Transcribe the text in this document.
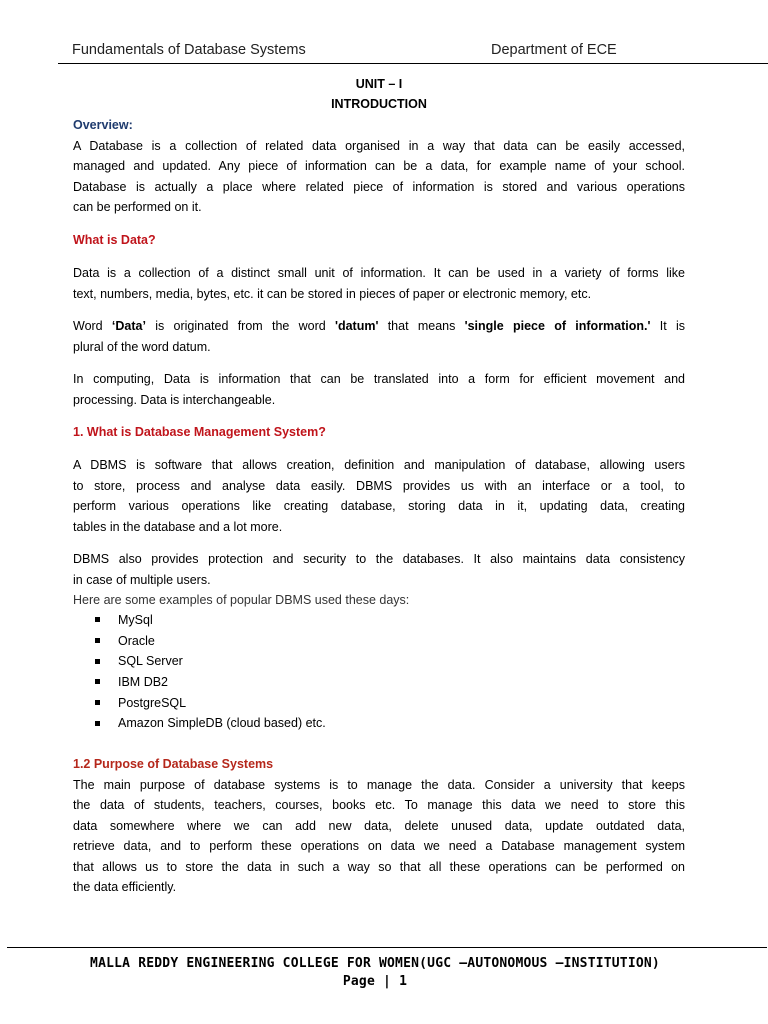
Fundamentals of Database Systems	Department of ECE
UNIT – I
INTRODUCTION
Overview:
A Database is a collection of related data organised in a way that data can be easily accessed,
managed and updated. Any piece of information can be a data, for example name of your school.
Database is actually a place where related piece of information is stored and various operations
can be performed on it.
What is Data?
Data is a collection of a distinct small unit of information. It can be used in a variety of forms like
text, numbers, media, bytes, etc. it can be stored in pieces of paper or electronic memory, etc.
Word ‘Data’ is originated from the word 'datum' that means 'single piece of information.' It is
plural of the word datum.
In computing, Data is information that can be translated into a form for efficient movement and
processing. Data is interchangeable.
1. What is Database Management System?
A DBMS is software that allows creation, definition and manipulation of database, allowing users
to store, process and analyse data easily. DBMS provides us with an interface or a tool, to
perform various operations like creating database, storing data in it, updating data, creating
tables in the database and a lot more.
DBMS also provides protection and security to the databases. It also maintains data consistency
in case of multiple users.
Here are some examples of popular DBMS used these days:
MySql
Oracle
SQL Server
IBM DB2
PostgreSQL
Amazon SimpleDB (cloud based) etc.
1.2 Purpose of Database Systems
The main purpose of database systems is to manage the data. Consider a university that keeps
the data of students, teachers, courses, books etc. To manage this data we need to store this
data somewhere where we can add new data, delete unused data, update outdated data,
retrieve data, and to perform these operations on data we need a Database management system
that allows us to store the data in such a way so that all these operations can be performed on
the data efficiently.
MALLA REDDY ENGINEERING COLLEGE FOR WOMEN(UGC –AUTONOMOUS –INSTITUTION)
Page | 1
